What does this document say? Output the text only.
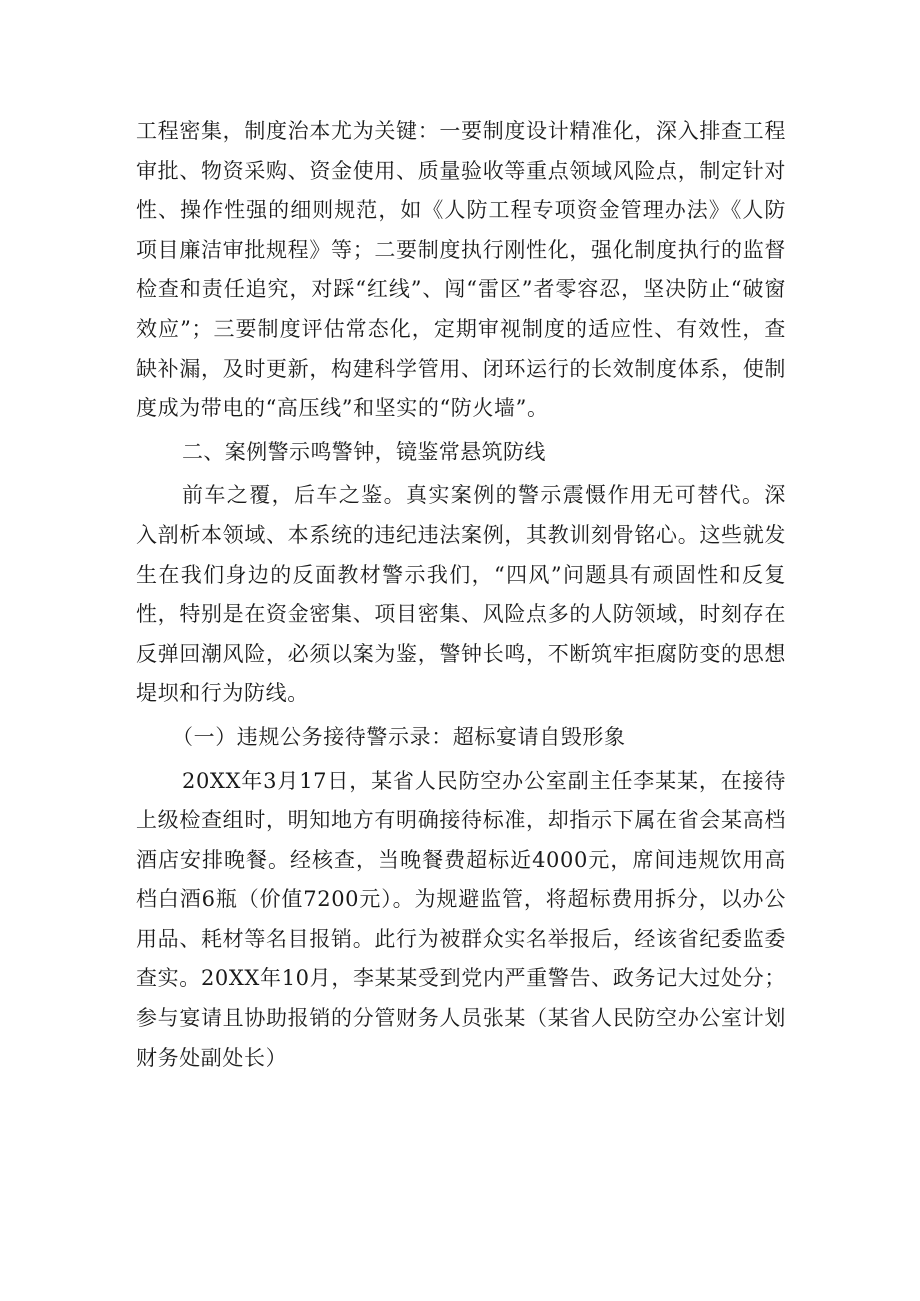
工程密集，制度治本尤为关键：一要制度设计精准化，深入排查工程审批、物资采购、资金使用、质量验收等重点领域风险点，制定针对性、操作性强的细则规范，如《人防工程专项资金管理办法》《人防项目廉洁审批规程》等；二要制度执行刚性化，强化制度执行的监督检查和责任追究，对踩“红线”、闯“雷区”者零容忍，坚决防止“破窗效应”；三要制度评估常态化，定期审视制度的适应性、有效性，查缺补漏，及时更新，构建科学管用、闭环运行的长效制度体系，使制度成为带电的“高压线”和坚实的“防火墙”。

二、案例警示鸣警钟，镜鉴常悬筑防线

前车之覆，后车之鉴。真实案例的警示震慑作用无可替代。深入剖析本领域、本系统的违纪违法案例，其教训刻骨铭心。这些就发生在我们身边的反面教材警示我们，“四风”问题具有顽固性和反复性，特别是在资金密集、项目密集、风险点多的人防领域，时刻存在反弹回潮风险，必须以案为鉴，警钟长鸣，不断筑牢拒腐防变的思想堤坝和行为防线。

（一）违规公务接待警示录：超标宴请自毁形象

20XX年3月17日，某省人民防空办公室副主任李某某，在接待上级检查组时，明知地方有明确接待标准，却指示下属在省会某高档酒店安排晚餐。经核查，当晚餐费超标近4000元，席间违规饮用高档白酒6瓶（价值7200元）。为规避监管，将超标费用拆分，以办公用品、耗材等名目报销。此行为被群众实名举报后，经该省纪委监委查实。20XX年10月，李某某受到党内严重警告、政务记大过处分；参与宴请且协助报销的分管财务人员张某（某省人民防空办公室计划财务处副处长）
